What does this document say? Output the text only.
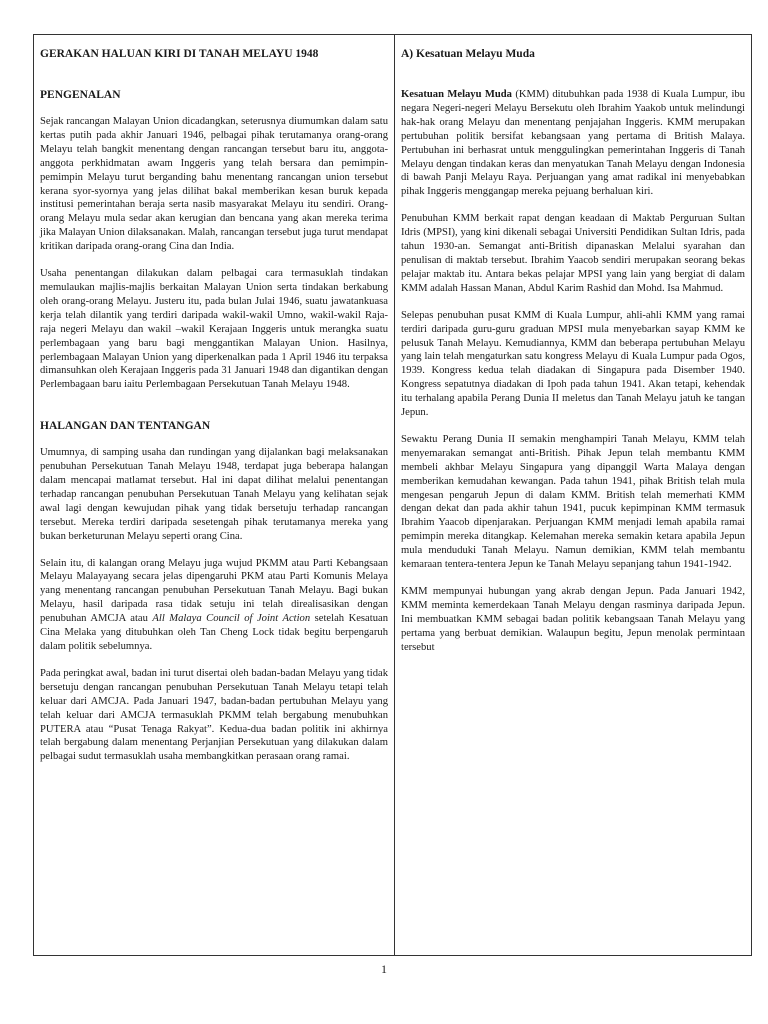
GERAKAN HALUAN KIRI DI TANAH MELAYU 1948

PENGENALAN

Sejak rancangan Malayan Union dicadangkan, seterusnya diumumkan dalam satu kertas putih pada akhir Januari 1946, pelbagai pihak terutamanya orang-orang Melayu telah bangkit menentang dengan rancangan tersebut baru itu, anggota-anggota perkhidmatan awam Inggeris yang telah bersara dan pemimpin-pemimpin Melayu turut berganding bahu menentang rancangan union tersebut kerana syor-syornya yang jelas dilihat bakal memberikan kesan buruk kepada institusi pemerintahan beraja serta nasib masyarakat Melayu itu sendiri. Orang-orang Melayu mula sedar akan kerugian dan bencana yang akan mereka terima jika Malayan Union dilaksanakan. Malah, rancangan tersebut juga turut mendapat kritikan daripada orang-orang Cina dan India.

Usaha penentangan dilakukan dalam pelbagai cara termasuklah tindakan memulaukan majlis-majlis berkaitan Malayan Union serta tindakan berkabung oleh orang-orang Melayu. Justeru itu, pada bulan Julai 1946, suatu jawatankuasa kerja telah dilantik yang terdiri daripada wakil-wakil Umno, wakil-wakil Raja-raja negeri Melayu dan wakil –wakil Kerajaan Inggeris untuk merangka suatu perlembagaan yang baru bagi menggantikan Malayan Union. Hasilnya, perlembagaan Malayan Union yang diperkenalkan pada 1 April 1946 itu terpaksa dimansuhkan oleh Kerajaan Inggeris pada 31 Januari 1948 dan digantikan dengan Perlembagaan baru iaitu Perlembagaan Persekutuan Tanah Melayu 1948.

HALANGAN DAN TENTANGAN

Umumnya, di samping usaha dan rundingan yang dijalankan bagi melaksanakan penubuhan Persekutuan Tanah Melayu 1948, terdapat juga beberapa halangan dalam mencapai matlamat tersebut. Hal ini dapat dilihat melalui penentangan terhadap rancangan penubuhan Persekutuan Tanah Melayu yang kelihatan sejak awal lagi dengan kewujudan pihak yang tidak bersetuju terhadap rancangan tersebut. Mereka terdiri daripada sesetengah pihak terutamanya mereka yang bukan berketurunan Melayu seperti orang Cina.

Selain itu, di kalangan orang Melayu juga wujud PKMM atau Parti Kebangsaan Melayu Malayayang secara jelas dipengaruhi PKM atau Parti Komunis Melaya yang menentang rancangan penubuhan Persekutuan Tanah Melayu. Bagi bukan Melayu, hasil daripada rasa tidak setuju ini telah direalisasikan dengan penubuhan AMCJA atau All Malaya Council of Joint Action setelah Kesatuan Cina Melaka yang ditubuhkan oleh Tan Cheng Lock tidak begitu berpengaruh dalam politik sebelumnya.

Pada peringkat awal, badan ini turut disertai oleh badan-badan Melayu yang tidak bersetuju dengan rancangan penubuhan Persekutuan Tanah Melayu tetapi telah keluar dari AMCJA. Pada Januari 1947, badan-badan pertubuhan Melayu yang telah keluar dari AMCJA termasuklah PKMM telah bergabung menubuhkan PUTERA atau “Pusat Tenaga Rakyat”. Kedua-dua badan politik ini akhirnya telah bergabung dalam menentang Perjanjian Persekutuan yang dilakukan dalam pelbagai sudut termasuklah usaha membangkitkan perasaan orang ramai.

A) Kesatuan Melayu Muda

Kesatuan Melayu Muda (KMM) ditubuhkan pada 1938 di Kuala Lumpur, ibu negara Negeri-negeri Melayu Bersekutu oleh Ibrahim Yaakob untuk melindungi hak-hak orang Melayu dan menentang penjajahan Inggeris. KMM merupakan pertubuhan politik bersifat kebangsaan yang pertama di British Malaya. Pertubuhan ini berhasrat untuk menggulingkan pemerintahan Inggeris di Tanah Melayu dengan tindakan keras dan menyatukan Tanah Melayu dengan Indonesia di bawah Panji Melayu Raya. Perjuangan yang amat radikal ini menyebabkan pihak Inggeris menggangap mereka pejuang berhaluan kiri.

Penubuhan KMM berkait rapat dengan keadaan di Maktab Perguruan Sultan Idris (MPSI), yang kini dikenali sebagai Universiti Pendidikan Sultan Idris, pada tahun 1930-an. Semangat anti-British dipanaskan Melalui syarahan dan penulisan di maktab tersebut. Ibrahim Yaacob sendiri merupakan seorang bekas pelajar maktab itu. Antara bekas pelajar MPSI yang lain yang bergiat di dalam KMM adalah Hassan Manan, Abdul Karim Rashid dan Mohd. Isa Mahmud.

Selepas penubuhan pusat KMM di Kuala Lumpur, ahli-ahli KMM yang ramai terdiri daripada guru-guru graduan MPSI mula menyebarkan sayap KMM ke pelusuk Tanah Melayu. Kemudiannya, KMM dan beberapa pertubuhan Melayu yang lain telah mengaturkan satu kongress Melayu di Kuala Lumpur pada Ogos, 1939. Kongress kedua telah diadakan di Singapura pada Disember 1940. Kongress sepatutnya diadakan di Ipoh pada tahun 1941. Akan tetapi, kehendak itu terhalang apabila Perang Dunia II meletus dan Tanah Melayu jatuh ke tangan Jepun.

Sewaktu Perang Dunia II semakin menghampiri Tanah Melayu, KMM telah menyemarakan semangat anti-British. Pihak Jepun telah membantu KMM membeli akhbar Melayu Singapura yang dipanggil Warta Malaya dengan memberikan kemudahan kewangan. Pada tahun 1941, pihak British telah mula mengesan pengaruh Jepun di dalam KMM. British telah memerhati KMM dengan dekat dan pada akhir tahun 1941, pucuk kepimpinan KMM termasuk Ibrahim Yaacob dipenjarakan. Perjuangan KMM menjadi lemah apabila ramai pemimpin mereka ditangkap. Kelemahan mereka semakin ketara apabila Jepun mula menduduki Tanah Melayu. Namun demikian, KMM telah membantu kemaraan tentera-tentera Jepun ke Tanah Melayu sepanjang tahun 1941-1942.

KMM mempunyai hubungan yang akrab dengan Jepun. Pada Januari 1942, KMM meminta kemerdekaan Tanah Melayu dengan rasminya daripada Jepun. Ini membuatkan KMM sebagai badan politik kebangsaan Tanah Melayu yang pertama yang berbuat demikian. Walaupun begitu, Jepun menolak permintaan tersebut

1
